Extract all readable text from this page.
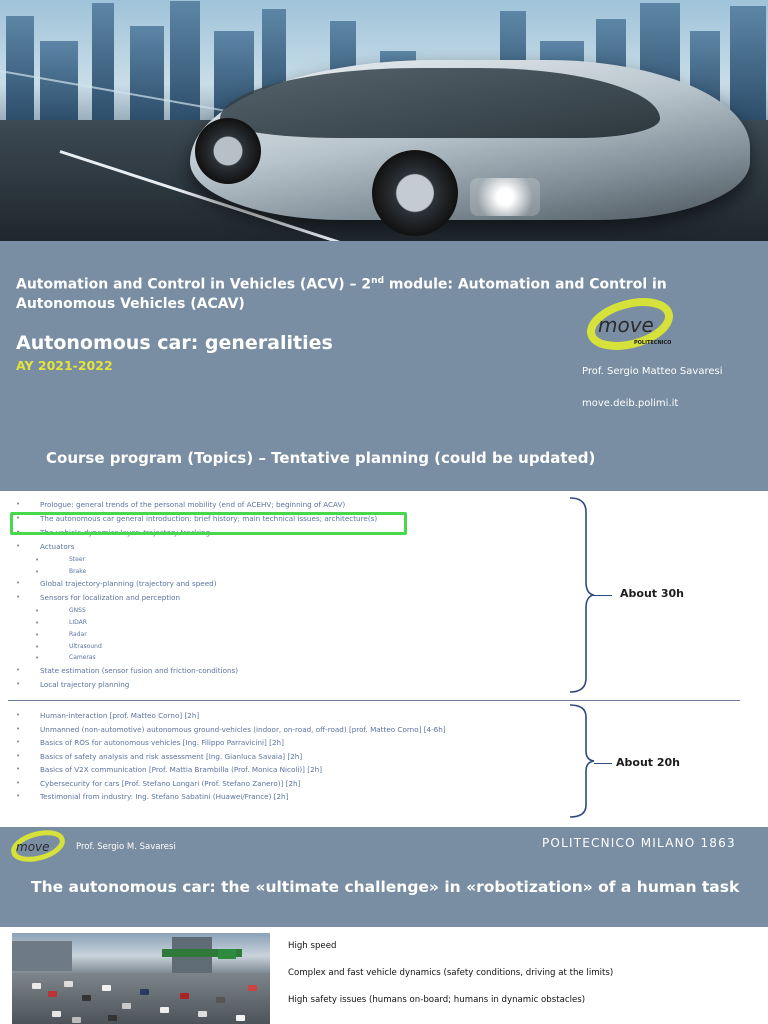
Automation and Control in Vehicles (ACV) – 2nd module: Automation and Control in Autonomous Vehicles (ACAV)
Autonomous car: generalities
AY 2021-2022
move
POLITECNICO
Prof. Sergio Matteo Savaresi
move.deib.polimi.it
Course program (Topics) – Tentative planning (could be updated)
•	Prologue: general trends of the personal mobility (end of ACEHV; beginning of ACAV)
•	The autonomous car general introduction: brief history; main technical issues; architecture(s)
•	The vehicle-dynamics layer: trajectory-tracking
•	Actuators
•	Steer
•	Brake
•	Global trajectory-planning (trajectory and speed)
•	Sensors for localization and perception
•	GNSS
•	LIDAR
•	Radar
•	Ultrasound
•	Cameras
•	State estimation (sensor fusion and friction-conditions)
•	Local trajectory planning
•	Human-interaction [prof. Matteo Corno] [2h]
•	Unmanned (non-automotive) autonomous ground-vehicles (indoor, on-road, off-road) [prof. Matteo Corno] [4-6h]
•	Basics of ROS for autonomous vehicles [Ing. Filippo Parravicini] [2h]
•	Basics of safety analysis and risk assessment [Ing. Gianluca Savaia] [2h]
•	Basics of V2X communication [Prof. Mattia Brambilla (Prof. Monica Nicoli)] [2h]
•	Cybersecurity for cars [Prof. Stefano Longari (Prof. Stefano Zanero)] [2h]
•	Testimonial from industry: Ing. Stefano Sabatini (Huawei/France) [2h]
About 30h
About 20h
move	Prof. Sergio M. Savaresi	POLITECNICO MILANO 1863
The autonomous car: the «ultimate challenge» in «robotization» of a human task
High speed
Complex and fast vehicle dynamics (safety conditions, driving at the limits)
High safety issues (humans on-board; humans in dynamic obstacles)
